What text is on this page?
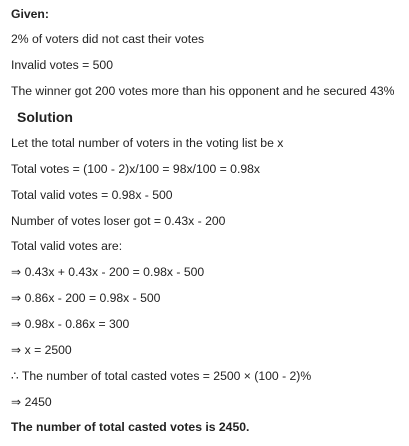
Given:
2% of voters did not cast their votes
Invalid votes = 500
The winner got 200 votes more than his opponent and he secured 43%
Solution
Let the total number of voters in the voting list be x
Total votes = (100 - 2)x/100 = 98x/100 = 0.98x
Total valid votes = 0.98x - 500
Number of votes loser got = 0.43x - 200
Total valid votes are:
⇒ 0.43x + 0.43x - 200 = 0.98x - 500
⇒ 0.86x - 200 = 0.98x - 500
⇒ 0.98x - 0.86x = 300
⇒ x = 2500
∴ The number of total casted votes = 2500 × (100 - 2)%
⇒ 2450
The number of total casted votes is 2450.
